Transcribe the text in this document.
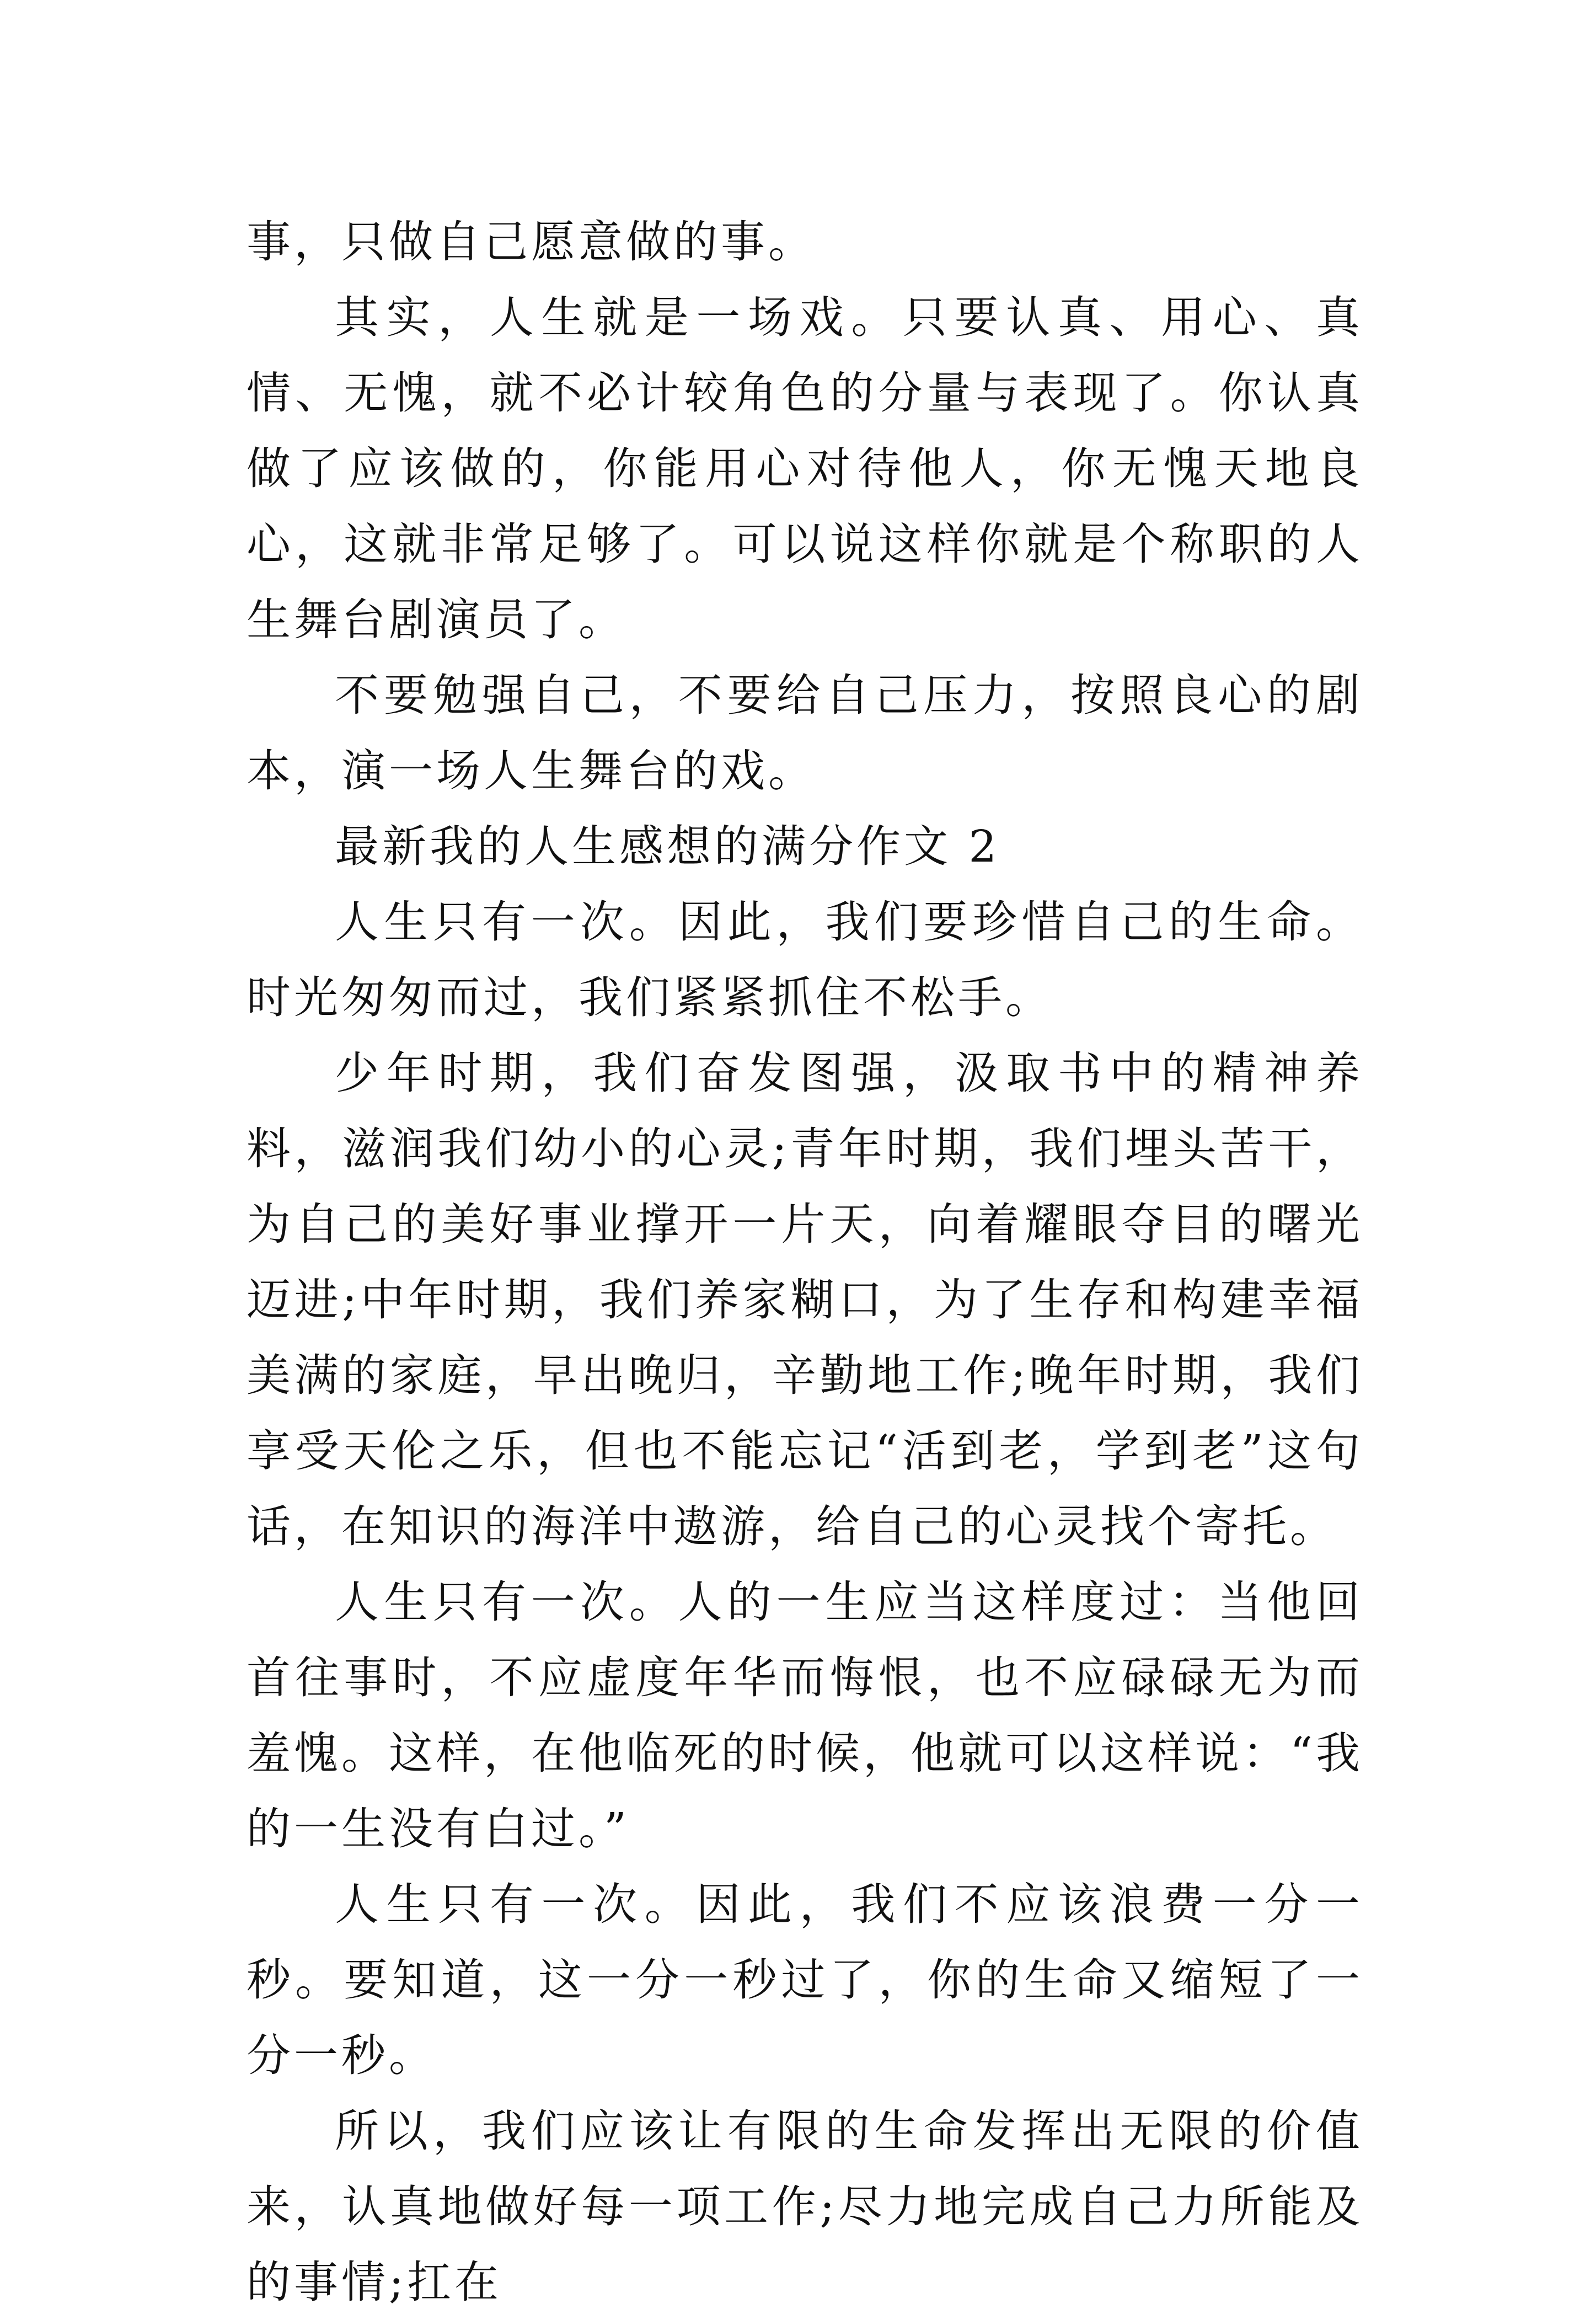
事，只做自己愿意做的事。

其实，人生就是一场戏。只要认真、用心、真情、无愧，就不必计较角色的分量与表现了。你认真做了应该做的，你能用心对待他人，你无愧天地良心，这就非常足够了。可以说这样你就是个称职的人生舞台剧演员了。

不要勉强自己，不要给自己压力，按照良心的剧本，演一场人生舞台的戏。

最新我的人生感想的满分作文 2

人生只有一次。因此，我们要珍惜自己的生命。时光匆匆而过，我们紧紧抓住不松手。

少年时期，我们奋发图强，汲取书中的精神养料，滋润我们幼小的心灵;青年时期，我们埋头苦干，为自己的美好事业撑开一片天，向着耀眼夺目的曙光迈进;中年时期，我们养家糊口，为了生存和构建幸福美满的家庭，早出晚归，辛勤地工作;晚年时期，我们享受天伦之乐，但也不能忘记“活到老，学到老”这句话，在知识的海洋中遨游，给自己的心灵找个寄托。

人生只有一次。人的一生应当这样度过：当他回首往事时，不应虚度年华而悔恨，也不应碌碌无为而羞愧。这样，在他临死的时候，他就可以这样说：“我的一生没有白过。”

人生只有一次。因此，我们不应该浪费一分一秒。要知道，这一分一秒过了，你的生命又缩短了一分一秒。

所以，我们应该让有限的生命发挥出无限的价值来，认真地做好每一项工作;尽力地完成自己力所能及的事情;扛在
